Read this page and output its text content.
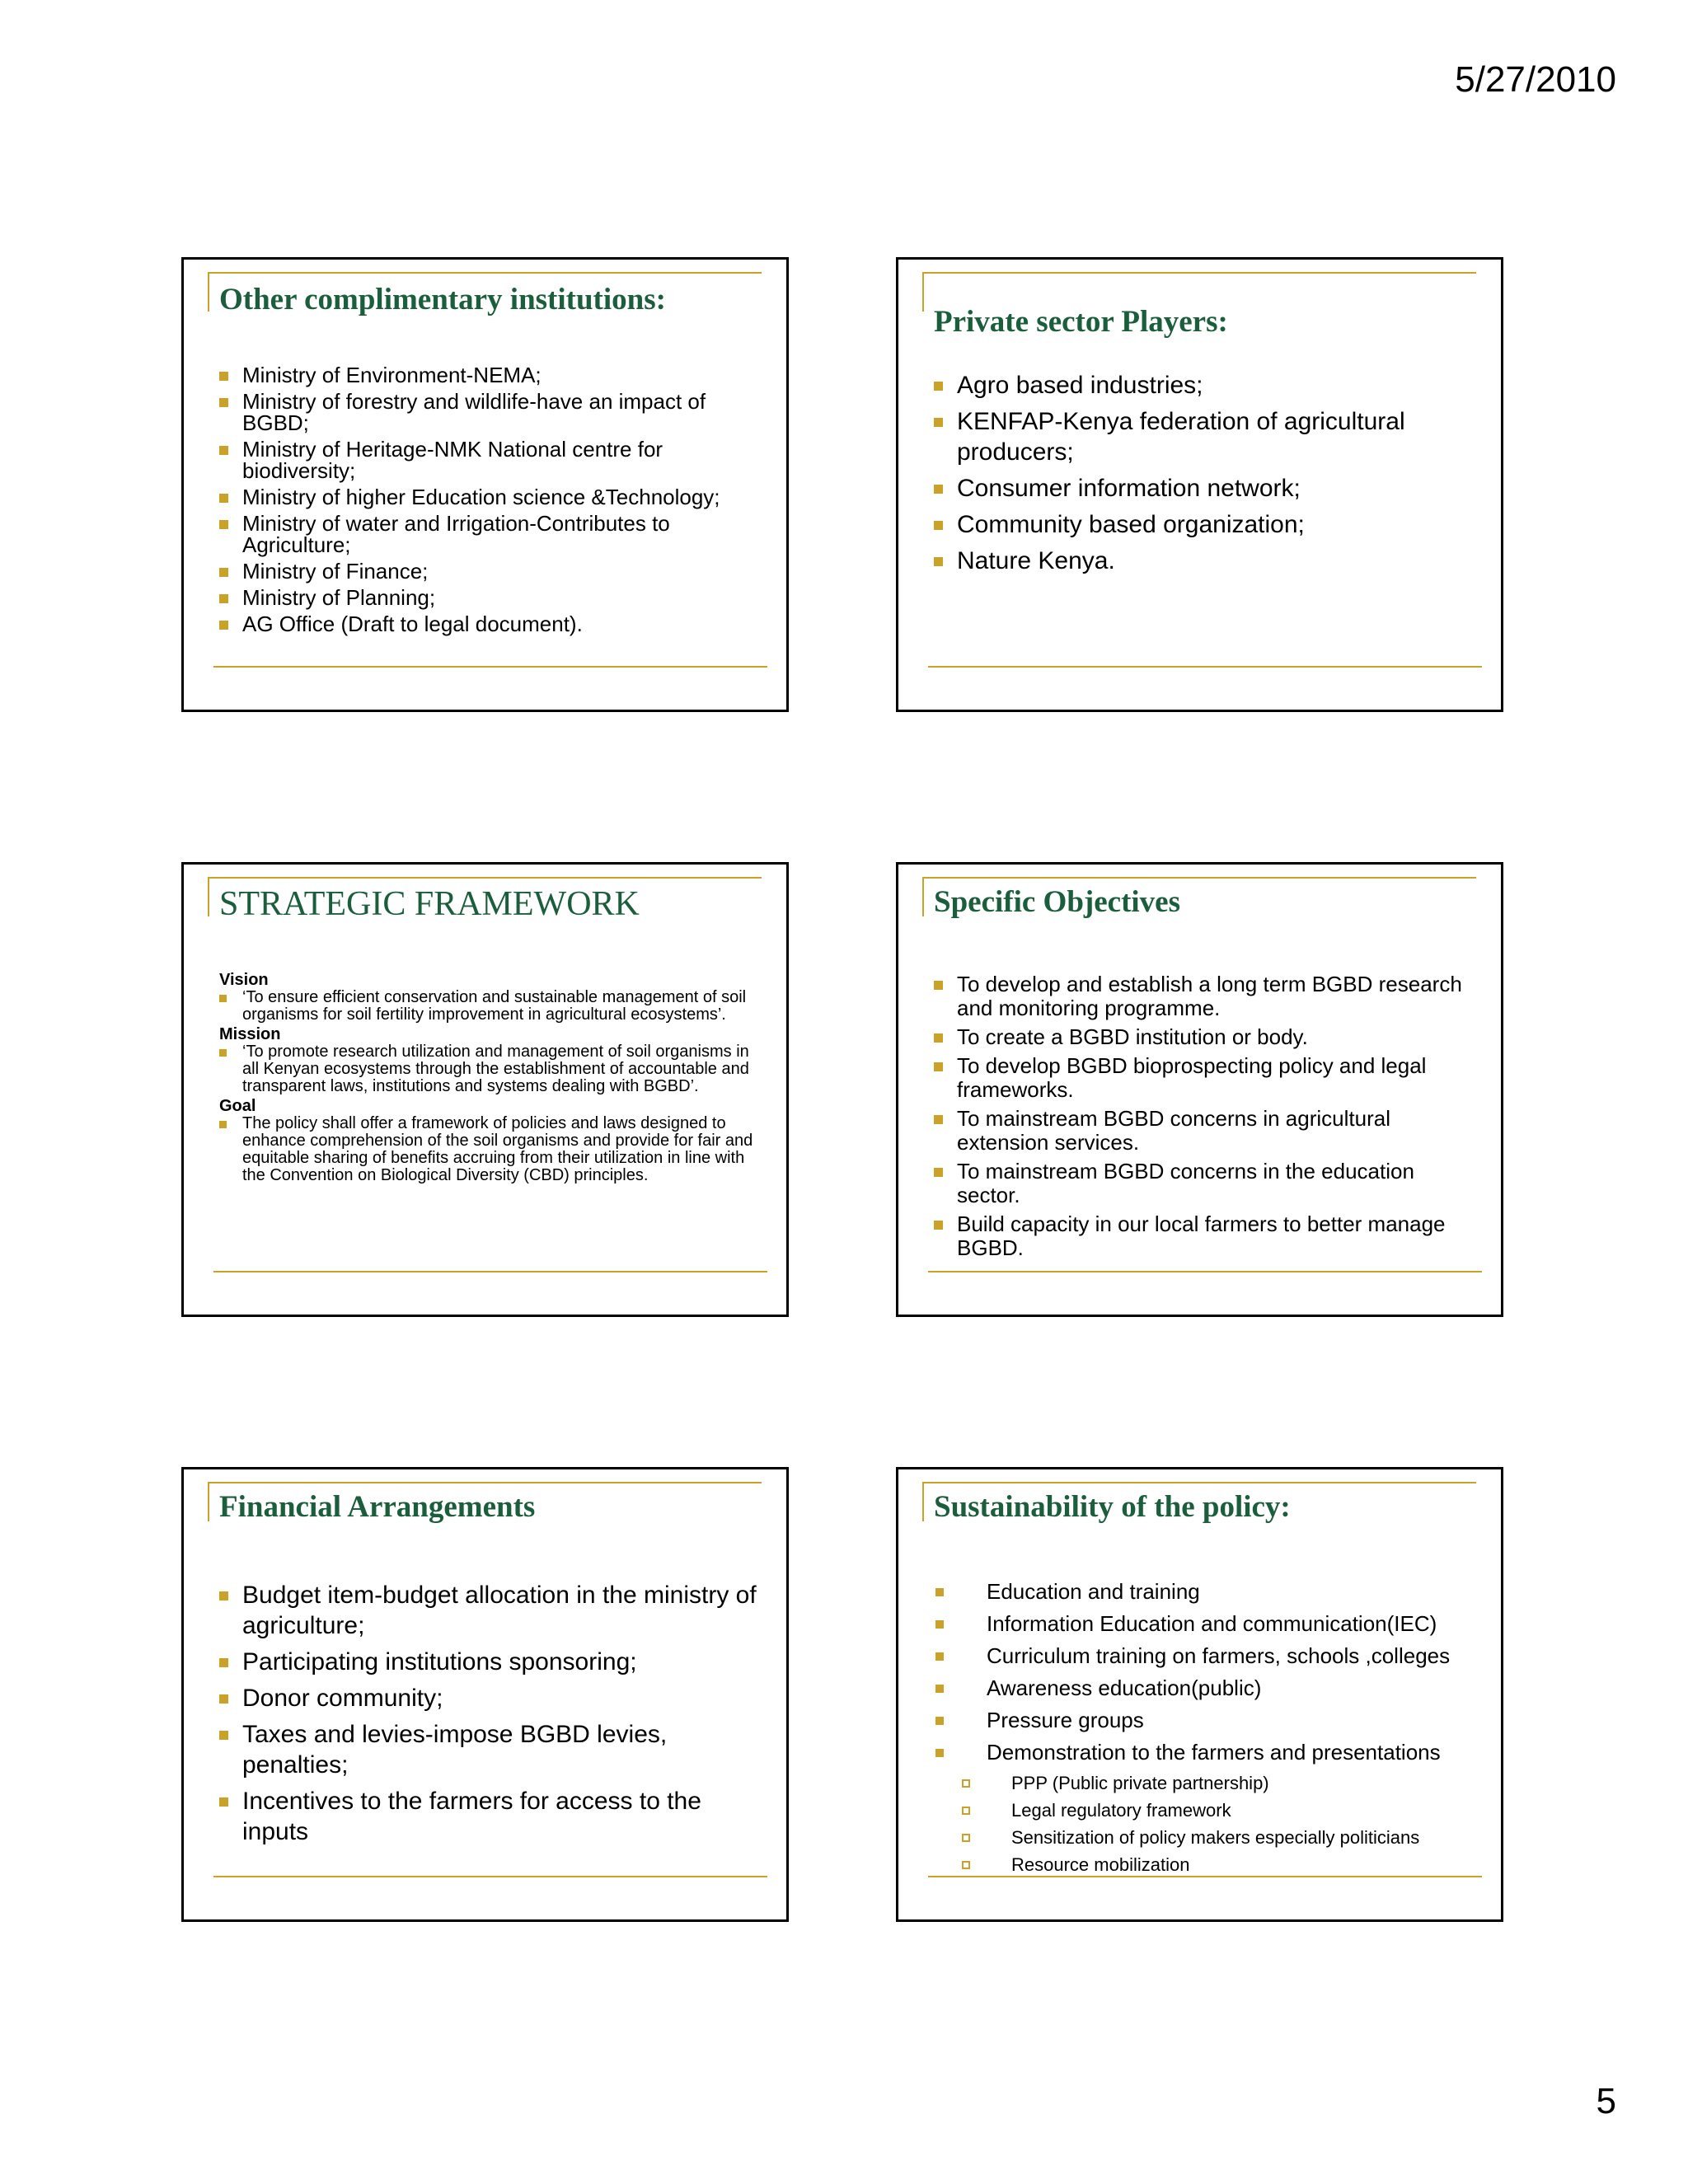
5/27/2010
Other complimentary institutions:
Ministry of Environment-NEMA;
Ministry of forestry and wildlife-have an impact of BGBD;
Ministry of Heritage-NMK National centre for biodiversity;
Ministry of higher Education science &Technology;
Ministry of water and Irrigation-Contributes to Agriculture;
Ministry of Finance;
Ministry of Planning;
AG Office (Draft to legal document).
Private sector Players:
Agro based industries;
KENFAP-Kenya federation of agricultural producers;
Consumer information network;
Community based organization;
Nature Kenya.
STRATEGIC FRAMEWORK
Vision
‘To ensure efficient conservation and sustainable management of soil organisms for soil fertility improvement in agricultural ecosystems’.
Mission
‘To promote research utilization and management of soil organisms in all Kenyan ecosystems through the establishment of accountable and transparent laws, institutions and systems dealing with BGBD’.
Goal
The policy shall offer a framework of policies and laws designed to enhance comprehension of the soil organisms and provide for fair and equitable sharing of benefits accruing from their utilization in line with the Convention on Biological Diversity (CBD) principles.
Specific Objectives
To develop and establish a long term BGBD research and monitoring programme.
To create a BGBD institution or body.
To develop BGBD bioprospecting policy and legal frameworks.
To mainstream BGBD concerns in agricultural extension services.
To mainstream BGBD concerns in the education sector.
Build capacity in our local farmers to better manage BGBD.
Financial Arrangements
Budget item-budget allocation in the ministry of agriculture;
Participating institutions sponsoring;
Donor community;
Taxes and levies-impose BGBD levies, penalties;
Incentives to the farmers for access to the inputs
Sustainability of the policy:
Education and training
Information Education and communication(IEC)
Curriculum training on farmers, schools ,colleges
Awareness education(public)
Pressure groups
Demonstration to the farmers and presentations
PPP (Public private partnership)
Legal regulatory framework
Sensitization of policy makers especially politicians
Resource mobilization
5
